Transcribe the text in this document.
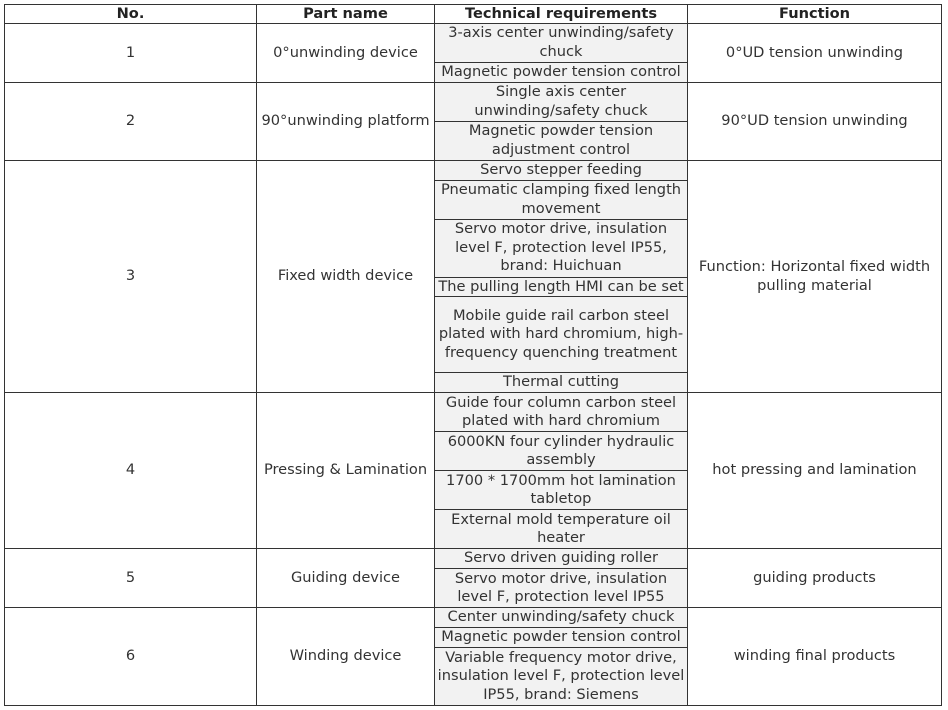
No.	Part name	Technical requirements	Function
1	0°unwinding device	3-axis center unwinding/safety chuck	0°UD tension unwinding
		Magnetic powder tension control	
2	90°unwinding platform	Single axis center unwinding/safety chuck	90°UD tension unwinding
		Magnetic powder tension adjustment control	
3	Fixed width device	Servo stepper feeding	Function: Horizontal fixed width pulling material
		Pneumatic clamping fixed length movement	
		Servo motor drive, insulation level F, protection level IP55, brand: Huichuan	
		The pulling length HMI can be set	
		Mobile guide rail carbon steel plated with hard chromium, high-frequency quenching treatment	
		Thermal cutting	
4	Pressing & Lamination	Guide four column carbon steel plated with hard chromium	hot pressing and lamination
		6000KN four cylinder hydraulic assembly	
		1700 * 1700mm hot lamination tabletop	
		External mold temperature oil heater	
5	Guiding device	Servo driven guiding roller	guiding products
		Servo motor drive, insulation level F, protection level IP55	
6	Winding device	Center unwinding/safety chuck	winding final products
		Magnetic powder tension control	
		Variable frequency motor drive, insulation level F, protection level IP55, brand: Siemens	
